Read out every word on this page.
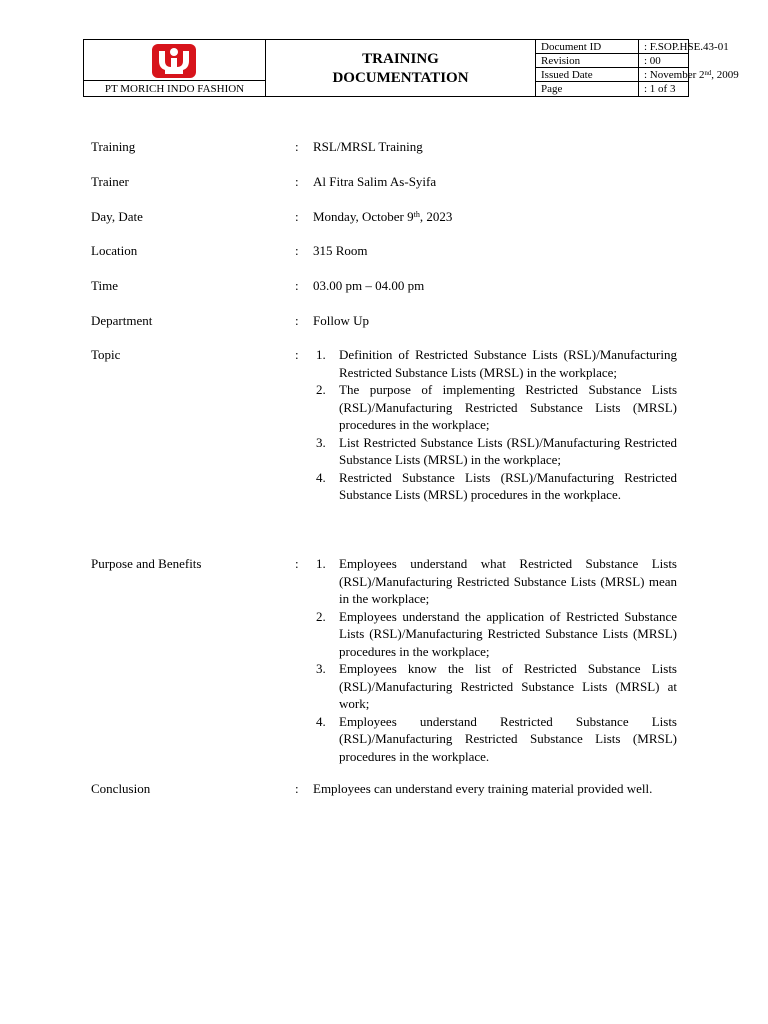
PT MORICH INDO FASHION
TRAINING
DOCUMENTATION
Document ID	: F.SOP.HSE.43-01
Revision	: 00
Issued Date	: November 2nd, 2009
Page	: 1 of 3
Training	: RSL/MRSL Training
Trainer	: Al Fitra Salim As-Syifa
Day, Date	: Monday, October 9th, 2023
Location	: 315 Room
Time	: 03.00 pm – 04.00 pm
Department	: Follow Up
Topic	: 1. Definition of Restricted Substance Lists (RSL)/Manufacturing Restricted Substance Lists (MRSL) in the workplace;
2. The purpose of implementing Restricted Substance Lists (RSL)/Manufacturing Restricted Substance Lists (MRSL) procedures in the workplace;
3. List Restricted Substance Lists (RSL)/Manufacturing Restricted Substance Lists (MRSL) in the workplace;
4. Restricted Substance Lists (RSL)/Manufacturing Restricted Substance Lists (MRSL) procedures in the workplace.
Purpose and Benefits	: 1. Employees understand what Restricted Substance Lists (RSL)/Manufacturing Restricted Substance Lists (MRSL) mean in the workplace;
2. Employees understand the application of Restricted Substance Lists (RSL)/Manufacturing Restricted Substance Lists (MRSL) procedures in the workplace;
3. Employees know the list of Restricted Substance Lists (RSL)/Manufacturing Restricted Substance Lists (MRSL) at work;
4. Employees understand Restricted Substance Lists (RSL)/Manufacturing Restricted Substance Lists (MRSL) procedures in the workplace.
Conclusion	: Employees can understand every training material provided well.
